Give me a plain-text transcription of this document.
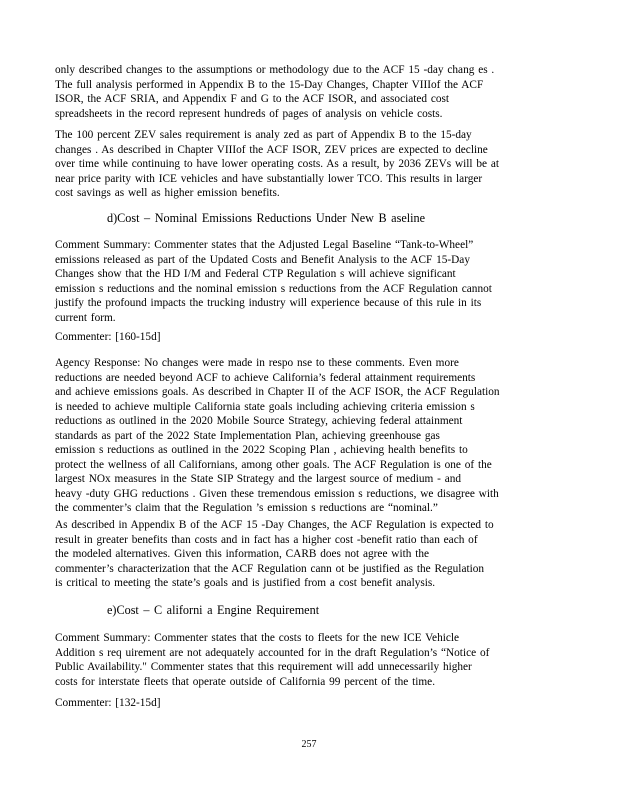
only described changes to the assumptions or methodology due to the ACF 15 -day chang es .
The full analysis performed in Appendix B to the 15-Day Changes, Chapter VIIIof the ACF
ISOR, the ACF SRIA, and Appendix F and G to the ACF ISOR, and associated cost
spreadsheets in the record represent hundreds of pages of analysis on vehicle costs.

The 100 percent ZEV sales requirement is analy zed as part of Appendix B to the 15-day
changes . As described in Chapter VIIIof the ACF ISOR, ZEV prices are expected to decline
over time while continuing to have lower operating costs. As a result, by 2036 ZEVs will be at
near price parity with ICE vehicles and have substantially lower TCO. This results in larger
cost savings as well as higher emission benefits.

d)Cost – Nominal Emissions Reductions Under New B aseline

Comment Summary: Commenter states that the Adjusted Legal Baseline “Tank-to-Wheel”
emissions released as part of the Updated Costs and Benefit Analysis to the ACF 15-Day
Changes show that the HD I/M and Federal CTP Regulation s will achieve significant
emission s reductions and the nominal emission s reductions from the ACF Regulation cannot
justify the profound impacts the trucking industry will experience because of this rule in its
current form.

Commenter: [160-15d]

Agency Response: No changes were made in respo nse to these comments. Even more
reductions are needed beyond ACF to achieve California’s federal attainment requirements
and achieve emissions goals. As described in Chapter II of the ACF ISOR, the ACF Regulation
is needed to achieve multiple California state goals including achieving criteria emission s
reductions as outlined in the 2020 Mobile Source Strategy, achieving federal attainment
standards as part of the 2022 State Implementation Plan, achieving greenhouse gas
emission s reductions as outlined in the 2022 Scoping Plan , achieving health benefits to
protect the wellness of all Californians, among other goals. The ACF Regulation is one of the
largest NOx measures in the State SIP Strategy and the largest source of medium - and
heavy -duty GHG reductions . Given these tremendous emission s reductions, we disagree with
the commenter’s claim that the Regulation ’s emission s reductions are “nominal.”

As described in Appendix B of the ACF 15 -Day Changes, the ACF Regulation is expected to
result in greater benefits than costs and in fact has a higher cost -benefit ratio than each of
the modeled alternatives. Given this information, CARB does not agree with the
commenter’s characterization that the ACF Regulation cann ot be justified as the Regulation
is critical to meeting the state’s goals and is justified from a cost benefit analysis.

e)Cost – C aliforni a Engine Requirement

Comment Summary: Commenter states that the costs to fleets for the new ICE Vehicle
Addition s req uirement are not adequately accounted for in the draft Regulation’s “Notice of
Public Availability." Commenter states that this requirement will add unnecessarily higher
costs for interstate fleets that operate outside of California 99 percent of the time.

Commenter: [132-15d]

257
